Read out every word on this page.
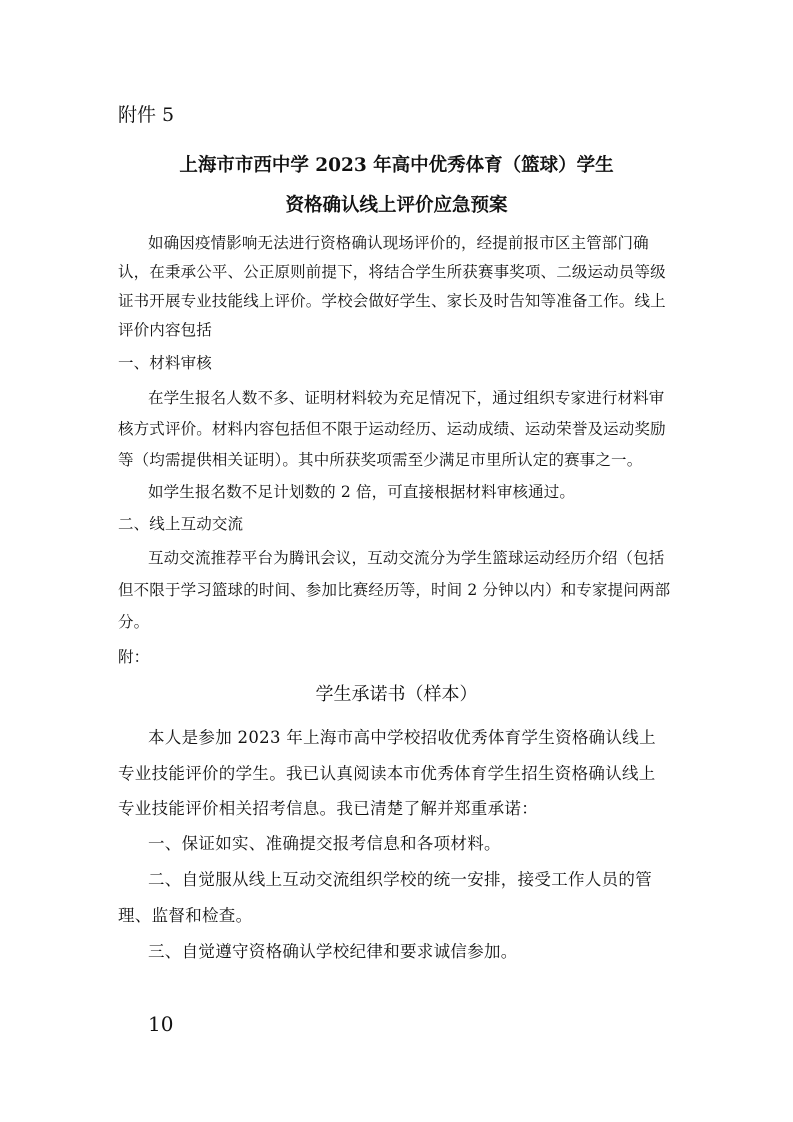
附件 5

上海市市西中学 2023 年高中优秀体育（篮球）学生

资格确认线上评价应急预案

如确因疫情影响无法进行资格确认现场评价的，经提前报市区主管部门确

认，在秉承公平、公正原则前提下，将结合学生所获赛事奖项、二级运动员等级

证书开展专业技能线上评价。学校会做好学生、家长及时告知等准备工作。线上

评价内容包括

一、材料审核

在学生报名人数不多、证明材料较为充足情况下，通过组织专家进行材料审

核方式评价。材料内容包括但不限于运动经历、运动成绩、运动荣誉及运动奖励

等（均需提供相关证明）。其中所获奖项需至少满足市里所认定的赛事之一。

如学生报名数不足计划数的 2 倍，可直接根据材料审核通过。

二、线上互动交流

互动交流推荐平台为腾讯会议，互动交流分为学生篮球运动经历介绍（包括

但不限于学习篮球的时间、参加比赛经历等，时间 2 分钟以内）和专家提问两部

分。

附：

学生承诺书（样本）

本人是参加 2023 年上海市高中学校招收优秀体育学生资格确认线上

专业技能评价的学生。我已认真阅读本市优秀体育学生招生资格确认线上

专业技能评价相关招考信息。我已清楚了解并郑重承诺：

一、保证如实、准确提交报考信息和各项材料。

二、自觉服从线上互动交流组织学校的统一安排，接受工作人员的管

理、监督和检查。

三、自觉遵守资格确认学校纪律和要求诚信参加。

10
